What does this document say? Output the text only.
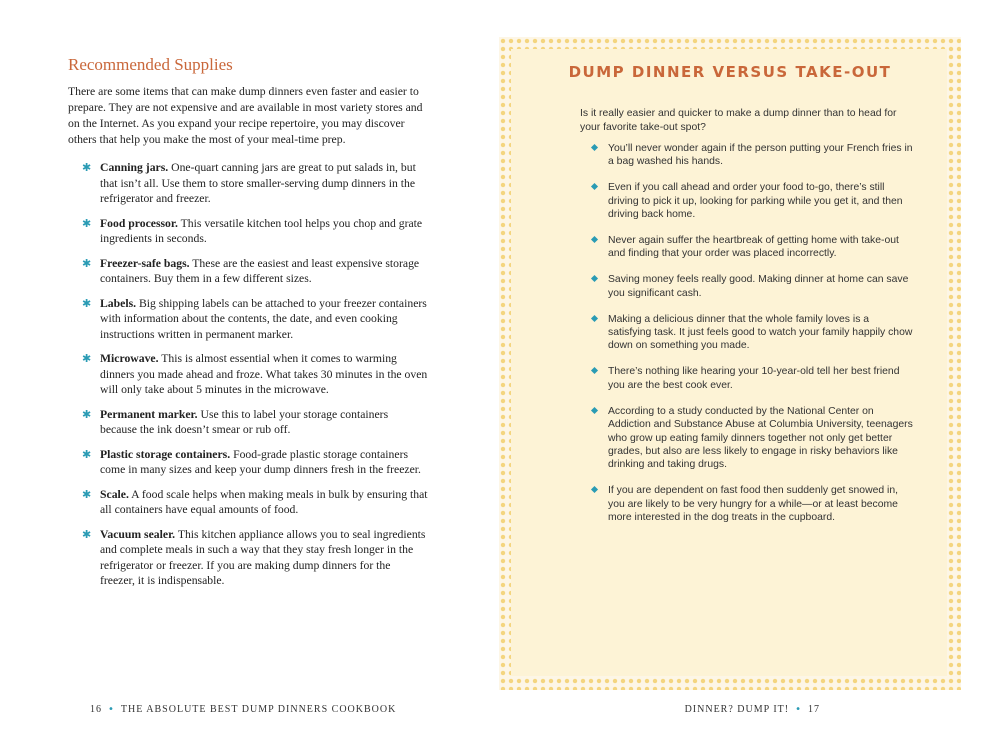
Recommended Supplies

There are some items that can make dump dinners even faster and easier to prepare. They are not expensive and are available in most variety stores and on the Internet. As you expand your recipe repertoire, you may discover others that help you make the most of your meal-time prep.

✱ Canning jars. One-quart canning jars are great to put salads in, but that isn’t all. Use them to store smaller-serving dump dinners in the refrigerator and freezer.
✱ Food processor. This versatile kitchen tool helps you chop and grate ingredients in seconds.
✱ Freezer-safe bags. These are the easiest and least expensive storage containers. Buy them in a few different sizes.
✱ Labels. Big shipping labels can be attached to your freezer containers with information about the contents, the date, and even cooking instructions written in permanent marker.
✱ Microwave. This is almost essential when it comes to warming dinners you made ahead and froze. What takes 30 minutes in the oven will only take about 5 minutes in the microwave.
✱ Permanent marker. Use this to label your storage containers because the ink doesn’t smear or rub off.
✱ Plastic storage containers. Food-grade plastic storage containers come in many sizes and keep your dump dinners fresh in the freezer.
✱ Scale. A food scale helps when making meals in bulk by ensuring that all containers have equal amounts of food.
✱ Vacuum sealer. This kitchen appliance allows you to seal ingredients and complete meals in such a way that they stay fresh longer in the refrigerator or freezer. If you are making dump dinners for the freezer, it is indispensable.
DUMP DINNER VERSUS TAKE-OUT

Is it really easier and quicker to make a dump dinner than to head for your favorite take-out spot?

You’ll never wonder again if the person putting your French fries in a bag washed his hands.
Even if you call ahead and order your food to-go, there’s still driving to pick it up, looking for parking while you get it, and then driving back home.
Never again suffer the heartbreak of getting home with take-out and finding that your order was placed incorrectly.
Saving money feels really good. Making dinner at home can save you significant cash.
Making a delicious dinner that the whole family loves is a satisfying task. It just feels good to watch your family happily chow down on something you made.
There’s nothing like hearing your 10-year-old tell her best friend you are the best cook ever.
According to a study conducted by the National Center on Addiction and Substance Abuse at Columbia University, teenagers who grow up eating family dinners together not only get better grades, but also are less likely to engage in risky behaviors like drinking and taking drugs.
If you are dependent on fast food then suddenly get snowed in, you are likely to be very hungry for a while—or at least become more interested in the dog treats in the cupboard.
16 • THE ABSOLUTE BEST DUMP DINNERS COOKBOOK	DINNER? DUMP IT! • 17
